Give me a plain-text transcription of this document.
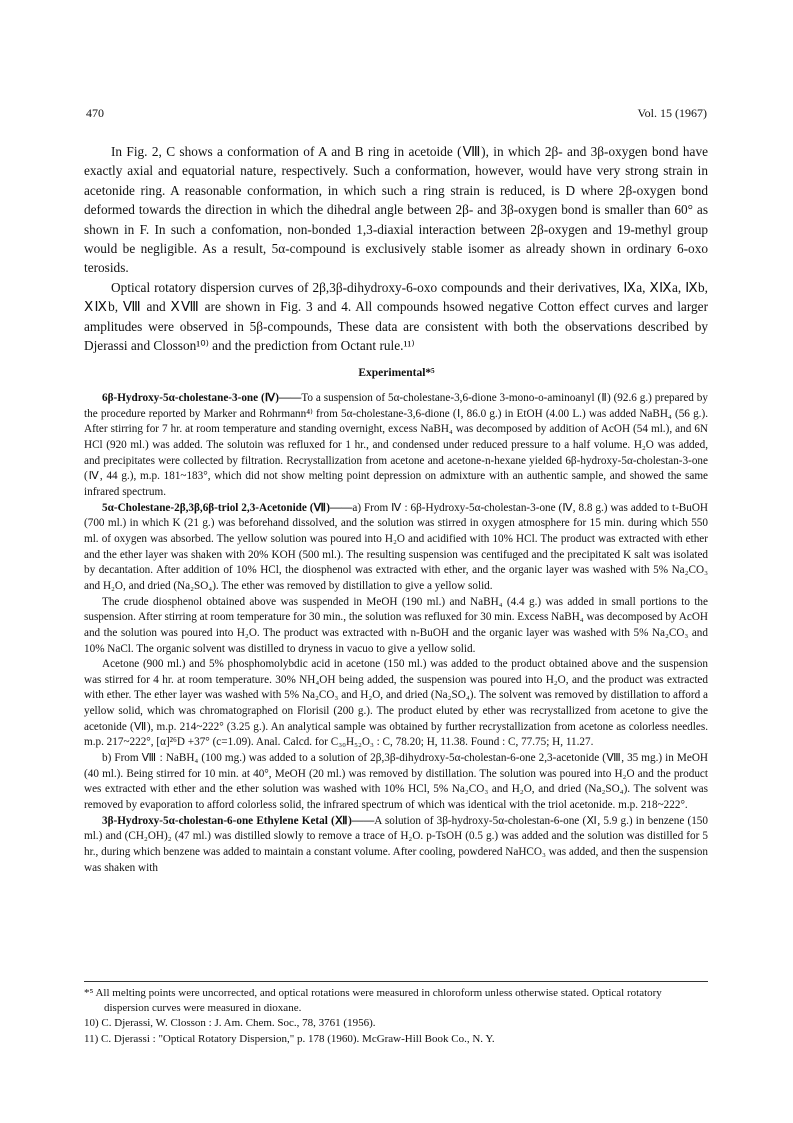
470	Vol. 15 (1967)

In Fig. 2, C shows a conformation of A and B ring in acetoide (Ⅷ), in which 2β- and 3β-oxygen bond have exactly axial and equatorial nature, respectively. Such a conformation, however, would have very strong strain in acetonide ring. A reasonable conformation, in which such a ring strain is reduced, is D where 2β-oxygen bond deformed towards the direction in which the dihedral angle between 2β- and 3β-oxygen bond is smaller than 60° as shown in F. In such a confomation, non-bonded 1,3-diaxial interaction between 2β-oxygen and 19-methyl group would be negligible. As a result, 5α-compound is exclusively stable isomer as already shown in ordinary 6-oxo terosids.

Optical rotatory dispersion curves of 2β,3β-dihydroxy-6-oxo compounds and their derivatives, Ⅸa, ⅩⅨa, Ⅸb, ⅩⅨb, Ⅷ and ⅩⅧ are shown in Fig. 3 and 4. All compounds hsowed negative Cotton effect curves and larger amplitudes were observed in 5β-compounds, These data are consistent with both the observations described by Djerassi and Closson¹⁰⁾ and the prediction from Octant rule.¹¹⁾

Experimental*⁵

6β-Hydroxy-5α-cholestane-3-one (Ⅳ)——To a suspension of 5α-cholestane-3,6-dione 3-mono-o-aminoanyl (Ⅱ) (92.6 g.) prepared by the procedure reported by Marker and Rohrmann⁴⁾ from 5α-cholestane-3,6-dione (Ⅰ, 86.0 g.) in EtOH (4.00 L.) was added NaBH₄ (56 g.). After stirring for 7 hr. at room temperature and standing overnight, excess NaBH₄ was decomposed by addition of AcOH (54 ml.), and 6N HCl (920 ml.) was added. The solutoin was refluxed for 1 hr., and condensed under reduced pressure to a half volume. H₂O was added, and precipitates were collected by filtration. Recrystallization from acetone and acetone-n-hexane yielded 6β-hydroxy-5α-cholestan-3-one (Ⅳ, 44 g.), m.p. 181~183°, which did not show melting point depression on admixture with an authentic sample, and showed the same infrared spectrum.

5α-Cholestane-2β,3β,6β-triol 2,3-Acetonide (Ⅶ)——a) From Ⅳ : 6β-Hydroxy-5α-cholestan-3-one (Ⅳ, 8.8 g.) was added to t-BuOH (700 ml.) in which K (21 g.) was beforehand dissolved, and the solution was stirred in oxygen atmosphere for 15 min. during which 550 ml. of oxygen was absorbed. The yellow solution was poured into H₂O and acidified with 10% HCl. The product was extracted with ether and the ether layer was shaken with 20% KOH (500 ml.). The resulting suspension was centifuged and the precipitated K salt was isolated by decantation. After addition of 10% HCl, the diosphenol was extracted with ether, and the organic layer was washed with 5% Na₂CO₃ and H₂O, and dried (Na₂SO₄). The ether was removed by distillation to give a yellow solid.

The crude diosphenol obtained above was suspended in MeOH (190 ml.) and NaBH₄ (4.4 g.) was added in small portions to the suspension. After stirring at room temperature for 30 min., the solution was refluxed for 30 min. Excess NaBH₄ was decomposed by AcOH and the solution was poured into H₂O. The product was extracted with n-BuOH and the organic layer was washed with 5% Na₂CO₃ and 10% NaCl. The organic solvent was distilled to dryness in vacuo to give a yellow solid.

Acetone (900 ml.) and 5% phosphomolybdic acid in acetone (150 ml.) was added to the product obtained above and the suspension was stirred for 4 hr. at room temperature. 30% NH₄OH being added, the suspension was poured into H₂O, and the product was extracted with ether. The ether layer was washed with 5% Na₂CO₃ and H₂O, and dried (Na₂SO₄). The solvent was removed by distillation to afford a yellow solid, which was chromatographed on Florisil (200 g.). The product eluted by ether was recrystallized from acetone to give the acetonide (Ⅶ), m.p. 214~222° (3.25 g.). An analytical sample was obtained by further recrystallization from acetone as colorless needles. m.p. 217~222°, [α]²⁶D +37° (c=1.09). Anal. Calcd. for C₃₀H₅₂O₃ : C, 78.20; H, 11.38. Found : C, 77.75; H, 11.27.

b) From Ⅷ : NaBH₄ (100 mg.) was added to a solution of 2β,3β-dihydroxy-5α-cholestan-6-one 2,3-acetonide (Ⅷ, 35 mg.) in MeOH (40 ml.). Being stirred for 10 min. at 40°, MeOH (20 ml.) was removed by distillation. The solution was poured into H₂O and the product wes extracted with ether and the ether solution was washed with 10% HCl, 5% Na₂CO₃ and H₂O, and dried (Na₂SO₄). The solvent was removed by evaporation to afford colorless solid, the infrared spectrum of which was identical with the triol acetonide. m.p. 218~222°.

3β-Hydroxy-5α-cholestan-6-one Ethylene Ketal (Ⅻ)——A solution of 3β-hydroxy-5α-cholestan-6-one (Ⅺ, 5.9 g.) in benzene (150 ml.) and (CH₂OH)₂ (47 ml.) was distilled slowly to remove a trace of H₂O. p-TsOH (0.5 g.) was added and the solution was distilled for 5 hr., during which benzene was added to maintain a constant volume. After cooling, powdered NaHCO₃ was added, and then the suspension was shaken with

*⁵ All melting points were uncorrected, and optical rotations were measured in chloroform unless otherwise stated. Optical rotatory dispersion curves were measured in dioxane.

10) C. Djerassi, W. Closson : J. Am. Chem. Soc., 78, 3761 (1956).

11) C. Djerassi : "Optical Rotatory Dispersion," p. 178 (1960). McGraw-Hill Book Co., N. Y.
